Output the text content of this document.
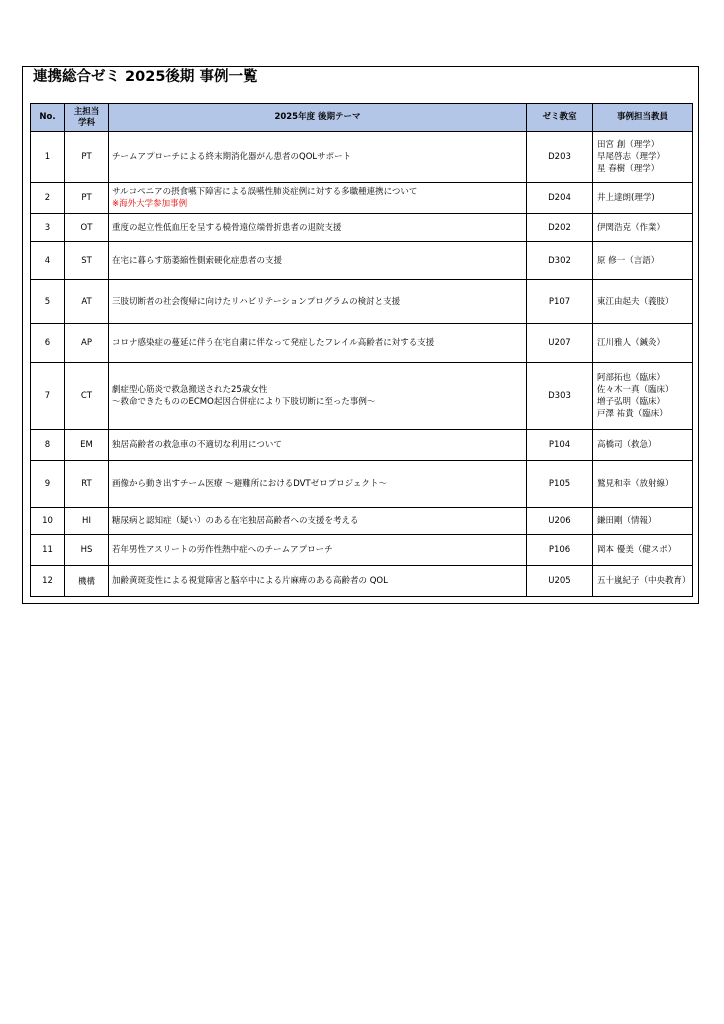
連携総合ゼミ 2025後期 事例一覧
No.	主担当学科	2025年度 後期テーマ	ゼミ教室	事例担当教員
1	PT	チームアプローチによる終末期消化器がん患者のQOLサポート	D203	田宮 創（理学）
早尾啓志（理学）
星 春樹（理学）

2	PT	サルコペニアの摂食嚥下障害による誤嚥性肺炎症例に対する多職種連携について
※海外大学参加事例	D204	井上達朗(理学)

3	OT	重度の起立性低血圧を呈する橈骨遠位端骨折患者の退院支援	D202	伊関浩克（作業）

4	ST	在宅に暮らす筋萎縮性側索硬化症患者の支援	D302	原 修一（言語）

5	AT	三肢切断者の社会復帰に向けたリハビリテーションプログラムの検討と支援	P107	東江由起夫（義肢）

6	AP	コロナ感染症の蔓延に伴う在宅自粛に伴なって発症したフレイル高齢者に対する支援	U207	江川雅人（鍼灸）

7	CT	劇症型心筋炎で救急搬送された25歳女性
～救命できたもののECMO起因合併症により下肢切断に至った事例～	D303	阿部拓也（臨床）
佐々木一真（臨床）
増子弘明（臨床）
戸澤 祐貴（臨床）

8	EM	独居高齢者の救急車の不適切な利用について	P104	高橋司（救急）

9	RT	画像から動き出すチーム医療 ～避難所におけるDVTゼロプロジェクト～	P105	鷲見和幸（放射線）

10	HI	糖尿病と認知症（疑い）のある在宅独居高齢者への支援を考える	U206	鎌田剛（情報）

11	HS	若年男性アスリートの労作性熱中症へのチームアプローチ	P106	岡本 優美（健スポ）

12	機構	加齢黄斑変性による視覚障害と脳卒中による片麻痺のある高齢者の QOL	U205	五十嵐紀子（中央教育）
